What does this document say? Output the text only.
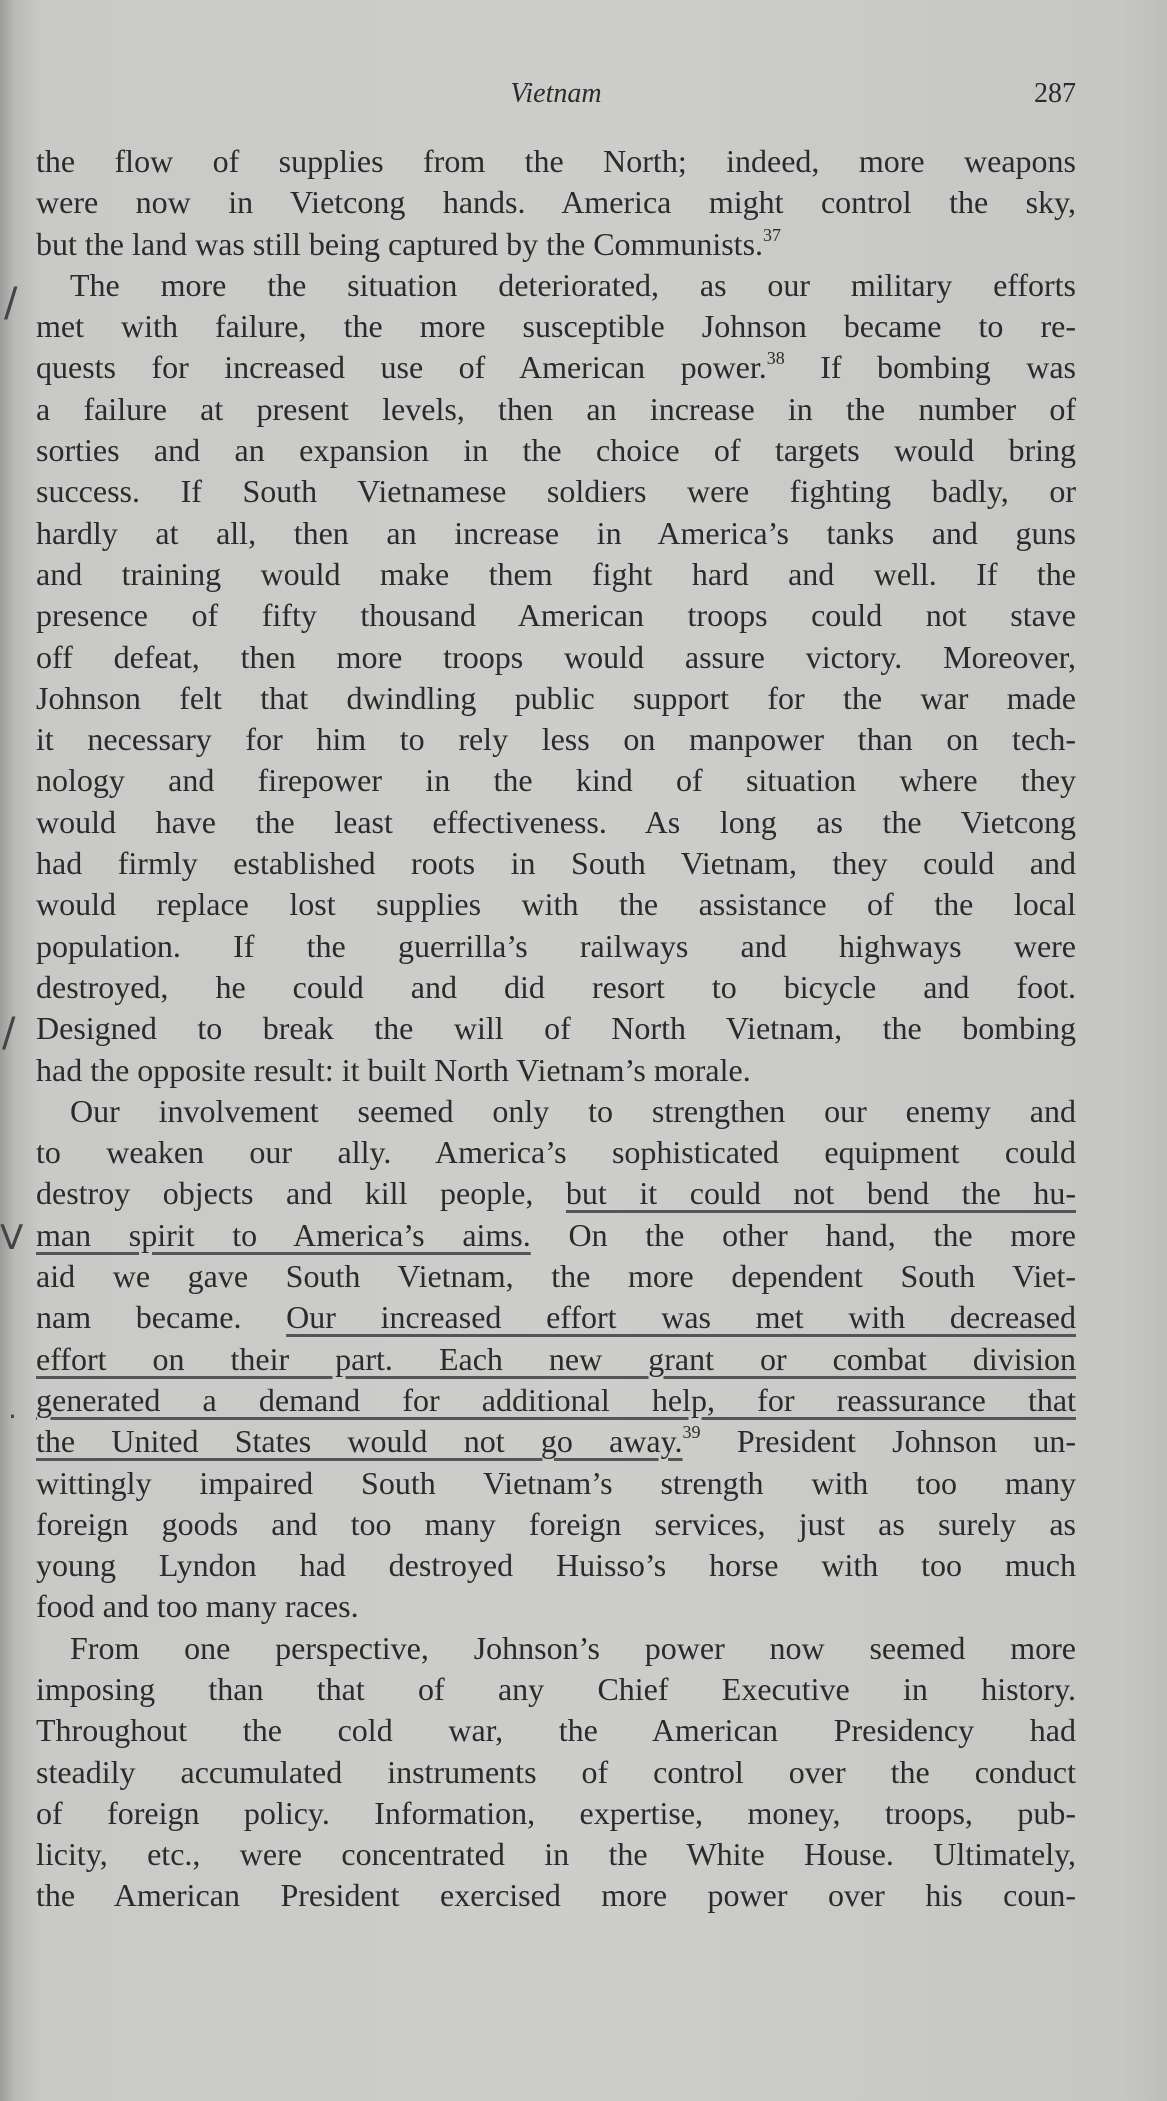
Vietnam	287
the flow of supplies from the North; indeed, more weapons
were now in Vietcong hands. America might control the sky,
but the land was still being captured by the Communists.$^{37}$
The more the situation deteriorated, as our military efforts
met with failure, the more susceptible Johnson became to re-
quests for increased use of American power.$^{38}$ If bombing was
a failure at present levels, then an increase in the number of
sorties and an expansion in the choice of targets would bring
success. If South Vietnamese soldiers were fighting badly, or
hardly at all, then an increase in America’s tanks and guns
and training would make them fight hard and well. If the
presence of fifty thousand American troops could not stave
off defeat, then more troops would assure victory. Moreover,
Johnson felt that dwindling public support for the war made
it necessary for him to rely less on manpower than on tech-
nology and firepower in the kind of situation where they
would have the least effectiveness. As long as the Vietcong
had firmly established roots in South Vietnam, they could and
would replace lost supplies with the assistance of the local
population. If the guerrilla’s railways and highways were
destroyed, he could and did resort to bicycle and foot.
Designed to break the will of North Vietnam, the bombing
had the opposite result: it built North Vietnam’s morale.
Our involvement seemed only to strengthen our enemy and
to weaken our ally. America’s sophisticated equipment could
destroy objects and kill people, but it could not bend the hu-
man spirit to America’s aims. On the other hand, the more
aid we gave South Vietnam, the more dependent South Viet-
nam became. Our increased effort was met with decreased
effort on their part. Each new grant or combat division
generated a demand for additional help, for reassurance that
the United States would not go away.$^{39}$ President Johnson un-
wittingly impaired South Vietnam’s strength with too many
foreign goods and too many foreign services, just as surely as
young Lyndon had destroyed Huisso’s horse with too much
food and too many races.
From one perspective, Johnson’s power now seemed more
imposing than that of any Chief Executive in history.
Throughout the cold war, the American Presidency had
steadily accumulated instruments of control over the conduct
of foreign policy. Information, expertise, money, troops, pub-
licity, etc., were concentrated in the White House. Ultimately,
the American President exercised more power over his coun-
/
/
V
.
